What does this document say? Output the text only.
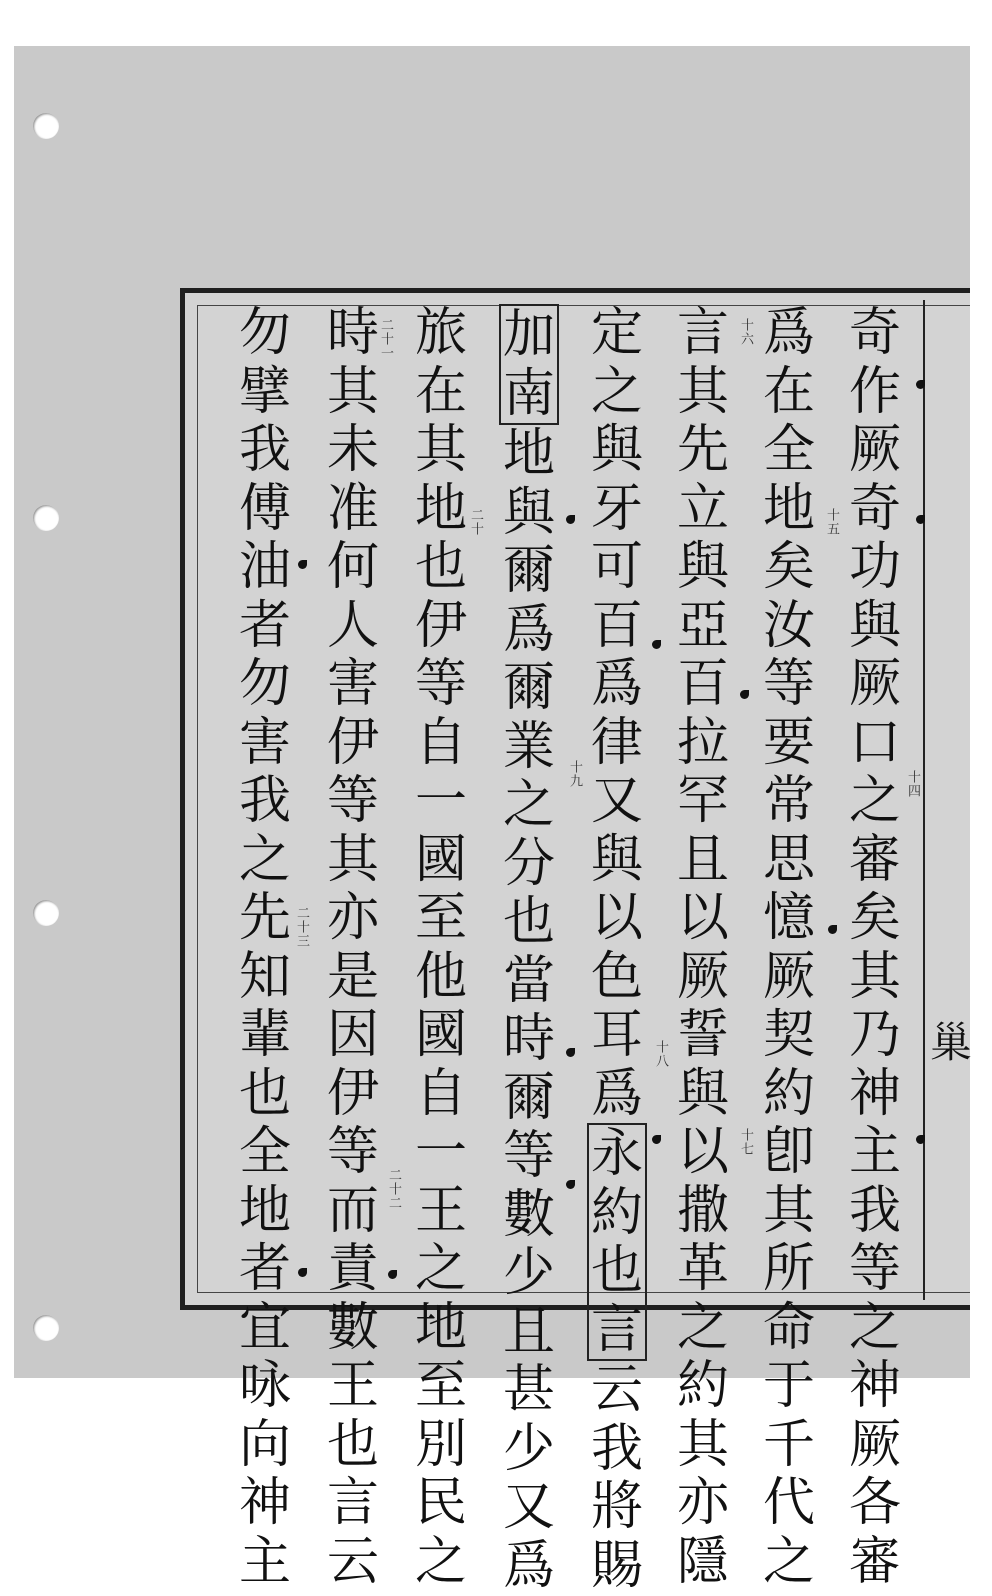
巢
奇
作
厥
奇
功
與
厥
口
之
審
矣
其
乃
神
主
我
等
之
神
厥
各
審
爲
在
全
地
矣
汝
等
要
常
思
憶
厥
契
約
卽
其
所
命
于
千
代
之
言
其
先
立
與
亞
百
拉
罕
且
以
厥
誓
與
以
撒
革
之
約
其
亦
隱
定
之
與
牙
可
百
爲
律
又
與
以
色
耳
爲
永
約
也
言
云
我
將
賜
加
南
地
與
爾
爲
爾
業
之
分
也
當
時
爾
等
數
少
且
甚
少
又
爲
旅
在
其
地
也
伊
等
自
一
國
至
他
國
自
一
王
之
地
至
別
民
之
時
其
未
准
何
人
害
伊
等
其
亦
是
因
伊
等
而
責
數
王
也
言
云
勿
擘
我
傅
油
者
勿
害
我
之
先
知
輩
也
全
地
者
宜
咏
向
神
主
十四
十五
十六
十七
十八
十九
二十
二十一
二十二
二十三
